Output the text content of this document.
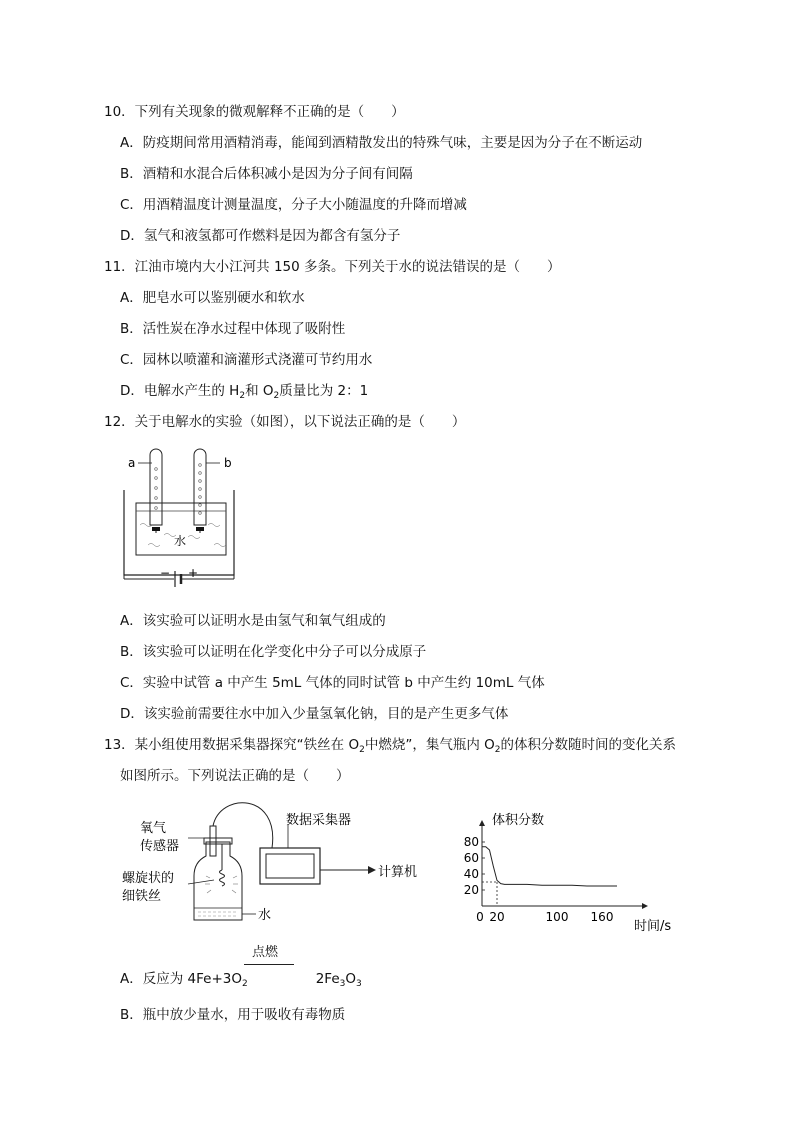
10．下列有关现象的微观解释不正确的是（　　）
A．防疫期间常用酒精消毒，能闻到酒精散发出的特殊气味，主要是因为分子在不断运动
B．酒精和水混合后体积减小是因为分子间有间隔
C．用酒精温度计测量温度，分子大小随温度的升降而增减
D．氢气和液氢都可作燃料是因为都含有氢分子
11．江油市境内大小江河共 150 多条。下列关于水的说法错误的是（　　）
A．肥皂水可以鉴别硬水和软水
B．活性炭在净水过程中体现了吸附性
C．园林以喷灌和滴灌形式浇灌可节约用水
D．电解水产生的 $H_2$和 $O_2$质量比为 2：1
12．关于电解水的实验（如图），以下说法正确的是（　　）
a	b
水
− +
A．该实验可以证明水是由氢气和氧气组成的
B．该实验可以证明在化学变化中分子可以分成原子
C．实验中试管 a 中产生 5mL 气体的同时试管 b 中产生约 10mL 气体
D．该实验前需要往水中加入少量氢氧化钠，目的是产生更多气体
13．某小组使用数据采集器探究“铁丝在 $O_2$中燃烧”，集气瓶内 $O_2$的体积分数随时间的变化关系
如图所示。下列说法正确的是（　　）
氧气
传感器
螺旋状的
细铁丝
水
数据采集器
计算机
80
60
40
20
0 20	100 160
体积分数
时间/s
点燃
A．反应为 $4Fe+3O_2$	$2Fe_3O_3$
B．瓶中放少量水，用于吸收有毒物质
